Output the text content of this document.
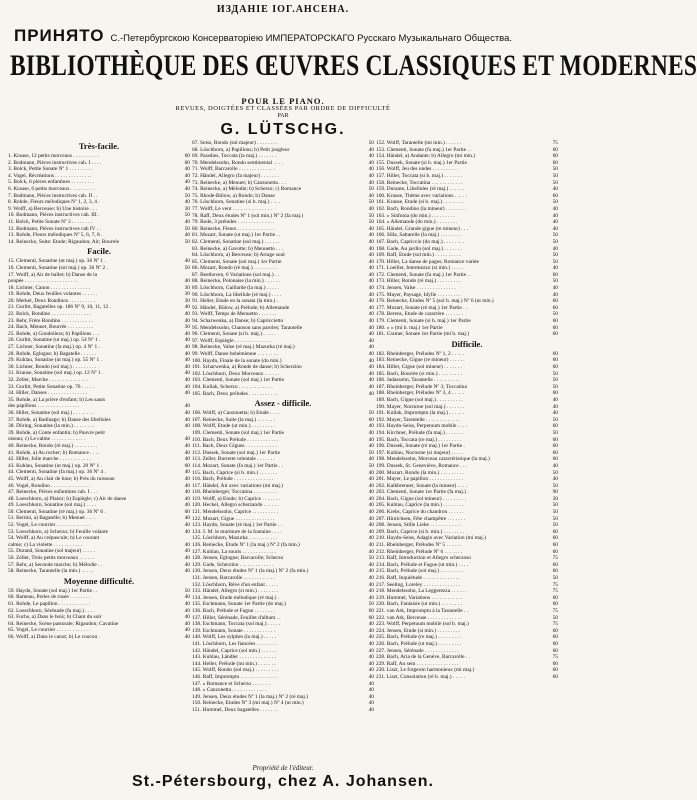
ИЗДАНІЕ IОГ.АНСЕНА.
ПРИНЯТО С.-Петербургскою Консерваторіею ИМПЕРАТОРСКАГО Русскаго Музыкальнаго Общества.
BIBLIOTHÈQUE DES ŒUVRES CLASSIQUES ET MODERNES
POUR LE PIANO.
REVUES, DOIGTÉES ET CLASSÉES PAR ORDRE DE DIFFICULTÉ
PAR
G. LÜTSCHG.
Très-facile.
1. Krause, 12 petits morceaux . . . . . . . . . .	60
2. Bodmann, Pièces instructives cah. I . . . .	60
3. Bolck, Petite Sonate Nº 1 . . . . . . . . .	40
4. Vogel, Récréations . . . . . . . . . . . . . .	40
5. Bolck, 6 pièces enfantines . . . . . . . . .	40
6. Krause, 6 petits morceaux . . . . . . . . .	40
7. Bodmann, Pièces instructives cah. II . .	50
8. Rohde, Fleurs mélodiques Nº 1, 2, 3, 4 .	40
9. Wolff, a) Berceuse; b) Une histoire . . .	30
10. Bodmann, Pièces instructives cah. III .	50
11. Bolck, Petite Sonate Nº 3 . . . . . . . .	40
12. Bodmann, Pièces instructives cah IV . .	50
13. Rohde, Fleurs mélodiques Nº 5, 6, 7, 8 .	40
14. Reinecke, Suite: Etude; Rigaudon; Air; Bourrée	50
Facile.
15. Clementi, Sonatine (ut maj.) op. 36 Nº 1 .	40
16. Clementi, Sonatine (sol maj.) op. 36 Nº 2 .	50
17. Wolff, a) Air de ballet; b) Danse de la
poupée . . . . . . . . . . . . . . . . . . . .	40
18. Lichner, Canon . . . . . . . . . . . . . . .	30
19. Rohde, Deux feuilles volantes . . . . . .	30
20. Merkel, Deux Rondinos . . . . . . . . . .	30
21. Gurlitt, Bagatelles op. 186 Nº 9, 10, 11, 12 .	40
22. Bolck, Rondino . . . . . . . . . . . . . . .	40
23. Behr, Frère Rondino . . . . . . . . . . . .	40
24. Bach, Menuet, Bourrée . . . . . . . . . .	30
25. Rohde, a) Gondoliera; b) Papillons . . .	40
26. Gurlitt, Sonatine (ut maj.) op. 54 Nº 1 .	40
27. Lichner, Sonatine (fa maj.) op. 4 Nº 1 .	40
28. Rohde, Eglogue; b) Bagatelle . . . . . .	40
29. Kuhlau, Sonatine (ut maj.) op. 55 Nº 1 .	40
30. Lichner, Rondo (sol maj.) . . . . . . . . .	40
31. Krause, Sonatine (sol maj.) op. 12 Nº 1 .	40
32. Zeller, Marche . . . . . . . . . . . . . . .	40
33. Gurlitt, Petite Sonatine op. 76 . . . . .	40
34. Hiller, Danses . . . . . . . . . . . . . . .	40
35. Rohde, a) La prière d'enfant; b) Les sauts
des papillons . . . . . . . . . . . . . . . .	40
36. Hiller, Sonatine (sol maj.) . . . . . . . .	40
37. Rohde, a) Badinage; b) Danse des libellules	40
38. Döring, Sonatine (la min.) . . . . . . . .	40
39. Rohde, a) Conte enfantin; b) Pauvre petit
oiseau; c) Le calme . . . . . . . . . . . . .	40
40. Reinecke, Rondo (ré maj.) . . . . . . . . .	40
41. Rohde, a) Au rocher; b) Romance . . . .	40
42. Hiller, Jolie marche . . . . . . . . . . . .	40
43. Kuhlau, Sonatine (ut maj.) op. 20 Nº 1 .	60
44. Clementi, Sonatine (fa maj.) op. 36 Nº 4 .	40
45. Wolff, a) Au clair de lune; b) Près du ruisseau	40
46. Vogel, Rondino . . . . . . . . . . . . . . .	40
47. Reinecke, Pièces enfantines cah. I . . .	40
48. Loeschhorn, a) Plaisir; b) Espiègle; c) Air de danse	40
49. Loeschhorn, Sonatine (sol maj.) . . . .	40
50. Clementi, Sonatine (ré maj.) op. 36 Nº 6 .	60
51. Bertini, a) Bagatelle; b) Menuet . . . .	40
52. Vogel, Le courrier . . . . . . . . . . . . .	40
53. Loeschhorn, a) Scherzo; b) Feuille volante	40
54. Wolff, a) Au crépuscule; b) Le courant
calme; c) La violette . . . . . . . . . . .	40
55. Durand, Sonatine (sol majeur) . . . . .	40
56. Zeller, Trois petits morceaux . . . . . .	40
57. Behr, a) Seconde marche; b) Mélodie . .	40
58. Reinecke, Tarantelle (la min.) . . . . .	40
Moyenne difficulté.
59. Haydn, Sonate (sol maj.) 1er Partie . .	50
60. Rameau, Perles de rosée . . . . . . . .	40
61. Rohde, Le papillon . . . . . . . . . . . .	40
62. Loeschhorn, Sérénade (fa maj.) . . . .	40
63. Fuchs, a) Dans le bois; b) Chant du soir	40
64. Reinecke, Scène pastorale; Rigaudon; Cavatine	40
65. Vogel, Le courrier . . . . . . . . . . . . .	40
66. Wolff, a) Dans le canot; b) Le coucou .	40
67. Seiss, Rondo (sol majeur) . . . . . . . .	50
68. Löschhorn, a) Papillons; b) Petit jongleur	40
69. Paradies, Toccata (la maj.) . . . . . . .	40
70. Mendelssohn, Rondo sentimental . . . .	40
71. Wolff, Barcarolle . . . . . . . . . . . . . .	40
72. Händel, Allegro (fa majeur) . . . . . . .	40
73. Reinecke, a) Menuet; b) Canzonetta . . .	40
74. Reinecke, a) Mélodie; b) Scherzo; c) Romance	50
75. Rhode-Bülow, a) Rondo; b) Danse	40
76. Löschhorn, Sonatine (si b. maj.) . . . .	50
77. Wolff, Le vent . . . . . . . . . . . . . . .	40
78. Raff, Deux études Nº 1 (sol min.) Nº 2 (fa maj.)	50
79. Rode, 3 préludes . . . . . . . . . . . . . .	50
80. Reinecke, Fleurs . . . . . . . . . . . . . .	40
81. Mozart, Sonate (ut maj.) 1er Partie . .	40
82. Clementi, Sonatine (sol maj.) . . . . . .	40
83. Reinecke, a) Gavotte; b) Menuetto . . .	40
84. Löschhorn, a) Berceuse; b) Arrage soul	40
85. Clementi, Sonate (sol maj.) 1er Partie	40
86. Mozart, Rondo (ré maj.) . . . . . . . . .	40
87. Beethoven, 6 Variations (sol maj.) . .	40
88. Reinecke, Polonaise (la min.) . . . . . .	40
89. Löschhorn, Gaillarde (la maj.) . . . . .	40
90. Löschhorn, La libellule (ré maj.) . . . .	40
91. Heller, Etude en la sonata (la min.) .	40
92. Händel, Bülow, a) Prélude; b) Allemande	40
93. Wolff, Temps de Menuetto . . . . . . .	40
94. Scharwenka, a) Danse; b) Capriccietto	40
95. Mendelssohn, Chanson sans paroles; Tarantelle	40
96. Clementi, Sonate (si b. maj.) . . . . .	40
97. Wolff, Espiègle . . . . . . . . . . . . . .	40
98. Reinecke, Valse (ré maj.) Mazurka (ré maj.)	40
99. Wolff, Danse bohémienne . . . . . . . .	40
100. Haydn, Finale de la sonate (do min.)	40
101. Scharwenka, a) Ronde de danse; b) Scherzino	40
102. Löschhorn, Deux Morceaux . . . . . .	40
103. Clementi, Sonate (sol maj.) 1er Partie	40
104. Kullak, Scherzo . . . . . . . . . . . . .	40
105. Bach, Deux préludes . . . . . . . . . . .	40
Assez - difficile.
106. Wolff, a) Canzonetta; b) Etude . . . .	50
107. Reinecke, Suite (la maj.) . . . . . . .	60
108. Wolff, Etude (ut min.) . . . . . . . . .	40
109. Clementi, Sonate (sol maj.) 1er Partie	40
110. Bach, Deux Prélude . . . . . . . . . . . .	40
111. Bach, Deux Gigues . . . . . . . . . . . .	40
112. Dussek, Sonate (sol maj.) 1er Partie	50
113. Zeller, Burrette orientale . . . . . . .	40
114. Mozart, Sonate (fa maj.) 1er Partie . .	50
115. Bach, Caprice (si b. min.) . . . . . . .	40
116. Bach, Prélude . . . . . . . . . . . . . . .	40
117. Händel, Air avec variations (mi maj.)	40
118. Rheinberger, Toccatina . . . . . . . . .	40
119. Wolff, a) Etude; b) Caprice . . . . . . .	40
120. Heckel, Allegro scherzando . . . . . .	40
121. Mendelssohn, Caprice . . . . . . . . . .	40
122. Mozart, Gigue . . . . . . . . . . . . . . .	40
123. Haydn, Sonate (ré maj.) 1er Partie . .	40
124. J. M. le murmure de la fontaine . . . .	40
125. Löschhorn, Mazurka . . . . . . . . . . .	40
126. Reinecke, Etude Nº 1 (la maj.) Nº 2 (fa min.)	40
127. Kuhlau, La souris . . . . . . . . . . . . .	40
128. Jensen, Eglogue; Barcarolle; Scherzo	50
129. Gade, Scherzino . . . . . . . . . . . . .	40
130. Jensen, Deux études Nº 1 (la maj.) Nº 2 (fa min.)	40
131. Jensen, Barcarolle . . . . . . . . . . . .	40
132. Löschhorn, Rêve d'un enfant . . . . .	40
133. Händel, Allegro (si min.) . . . . . . . .	40
134. Jensen, Etude mélodique (ré maj.) .	40
135. Eschmann, Sonate 1er Partie (do maj.)	50
136. Bach, Prélude et Fugue . . . . . . . .	60
137. Hiller, Sérénade, Feuillet d'album . .	60
138. Eschmann, Toccata (sol maj.) . . . . .	40
139. Eschmann, Sonate . . . . . . . . . . . .	40
140. Wolff, Les sylphes (la maj.) . . . . .	40
141. Löschhorn, Les fiancées . . . . . . . .	40
142. Händel, Caprice (sol min.) . . . . . .	40
143. Kuhlau, Ländler . . . . . . . . . . . . . .	40
144. Heller, Prélude (mi min.) . . . . . . .	40
145. Wolff, Rondo (sol maj.) . . . . . . . . .	40
146. Raff, Impromptu . . . . . . . . . . . . . .	40
147. » Romance et Scherzo . . . . . . .	40
148. » Canzonetta . . . . . . . . . . . . .	40
149. Jensen, Deux études Nº 1 (la maj.) Nº 2 (ré maj.)	40
150. Reinecke, Etudes Nº 3 (mi maj.) Nº 4 (ut min.)	40
151. Hummel, Deux bagatelles . . . . . . .	40
152. Wolff, Tarantelle (mi min.) . . . . . .	75
153. Clementi, Sonate (fa maj.) 1er Partie . .	60
154. Händel, a) Andante; b) Allegro (mi min.)	60
155. Dussek, Sonate (si b. maj.) 1er Partie	60
156. Wolff, Jeu des ondes . . . . . . . . . .	50
157. Hiller, Toccata (si b. maj.) . . . . . . .	50
158. Reinecke, Toccatina . . . . . . . . . . . .	50
159. Durante, Libellules (ré maj.) . . . . . .	40
160. Krause, Thème avec variations . . . . .	60
161. Krause, Etude (si b. maj.) . . . . . . . .	50
162. Bach, Rondino (la mineur) . . . . . . . .	40
163. » Sinfonia (do min.) . . . . . . . . .	40
164. » Allemande (do min.) . . . . . . . .	40
165. Händel, Grande gigue (re mineur) . . .	40
166. Silla, Saltarelle (la maj.) . . . . . . . .	50
167. Bach, Capriccio (do maj.) . . . . . . . .	50
168. Gade, Au jardin (sol maj.) . . . . . . .	40
169. Raff, Etude (sol min.) . . . . . . . . . .	50
170. Hiller, La danse de pages; Romance variée	50
171. Loeillet, Intermezzo (si min.) . . . . .	40
172. Clementi, Sonate (fa maj.) 1er Partie . .	60
173. Hiller, Rondo (ré maj.) . . . . . . . . .	50
174. Jensen, Valse . . . . . . . . . . . . . . .	40
175. Mayer, Paysage, Idylle . . . . . . . . .	40
176. Reinecke, Etudes Nº 5 (sol b. maj.) Nº 6 (ut min.)	60
177. Mozart, Sonate (ré maj.) 1er Partie . .	60
178. Berens, Etude de caractère . . . . . . .	50
179. Clementi, Sonate (si b. maj.) 1er Partie	60
180. » » (mi b. maj.) 1er Partie	60
181. Cramer, Sonate 1er Partie (mi b. maj.)	60
Difficile.
182. Rheinberger, Préludes Nº 1, 2 . . . . .	60
183. Reinecke, Gigue (re mineur) . . . . . .	60
184. Hiller, Gigue (sol mineur) . . . . . . .	60
185. Bach, Bourrée (si min.) . . . . . . . . .	50
186. Jadassohn, Tarantelle . . . . . . . . . .	50
187. Rheinberger, Prélude Nº 3; Toccatina	50
188. Rheinberger, Préludes Nº 3, 4 . . . . .	60
189. Bach, Gigue (sol maj.) . . . . . . . . . .	40
190. Mayer, Nocturne (sol maj.) . . . . . . .	40
191. Kullak, Impromptu (la maj.) . . . . . .	40
192. Mayer, Tarentelle . . . . . . . . . . . . .	50
193. Haydn-Seiss, Perpetuum mobile . . . .	60
194. Kirchner, Prélude (fa maj.) . . . . . . .	50
195. Bach, Toccata (re maj.) . . . . . . . . .	60
196. Dussek, Sonate (ré maj.) 1er Partie .	60
197. Kuhlau, Nocturne (si majeur) . . . . .	60
198. Mendelssohn, Morceau caractéristique (la maj.)	60
199. Dussek, St. Geneviève, Romance . . .	40
200. Mozart, Rondo (la min.) . . . . . . . . .	50
201. Mayer, Le papillon . . . . . . . . . . . . .	40
202. Kalkbrenner, Sonate (la mineur) . . . .	50
203. Clementi, Sonate 1er Partie (fa maj.) .	90
204. Bach, Gigue (sol mineur) . . . . . . . . .	30
205. Kuhlau, Caprice (la min.) . . . . . . . .	50
206. Krebs, Caprice du chandron . . . . . .	50
207. Hinrichsen, Fête champêtre . . . . . . .	50
208. Jensen, Stille Liebe . . . . . . . . . . . .	50
209. Bach, Caprice (si b. min.) . . . . . . . .	60
210. Haydn-Seiss, Adagio avec Variation (mi maj.)	60
211. Rheinberger, Préludes Nº 5 . . . . . .	60
212. Rheinberger, Prélude Nº 6 . . . . . . .	60
213. Raff, Introduction et Allegro scherzoso	75
214. Bach, Prélude et Fugue (ut min.) . . . .	60
215. Bach, Prélude (sol maj.) . . . . . . . . .	60
216. Raff, Inquiétude . . . . . . . . . . . . . .	50
217. Seeling, Loreley . . . . . . . . . . . . . .	75
218. Mendelssohn, La Leggerezza . . . . . .	75
219. Hummel, Variations . . . . . . . . . . . .	60
220. Bach, Fantaisie (ut min.) . . . . . . . .	60
221. van Ark, Impromptu à la Tarantelle . .	75
222. van Ark, Berceuse . . . . . . . . . . . . .	50
223. Wolff, Perpetuum mobile (sol b. maj.)	75
224. Jensen, Etude (si min.) . . . . . . . . .	60
225. Bach, Prélude (re maj.) . . . . . . . . .	60
226. Bach, Prélude (ut maj.) . . . . . . . . .	60
227. Jensen, Sérénade . . . . . . . . . . . . .	60
228. Bach, Aria de la Genève, Barcarolle . .	75
229. Raff, Au sein . . . . . . . . . . . . . . . .	60
230. Liszt, Le forgeron harmonieux (mi maj.)	60
231. Liszt, Consolation (ré b. maj.) . . . . .	60
Propriété de l'éditeur.
St.-Pétersbourg, chez A. Johansen.
